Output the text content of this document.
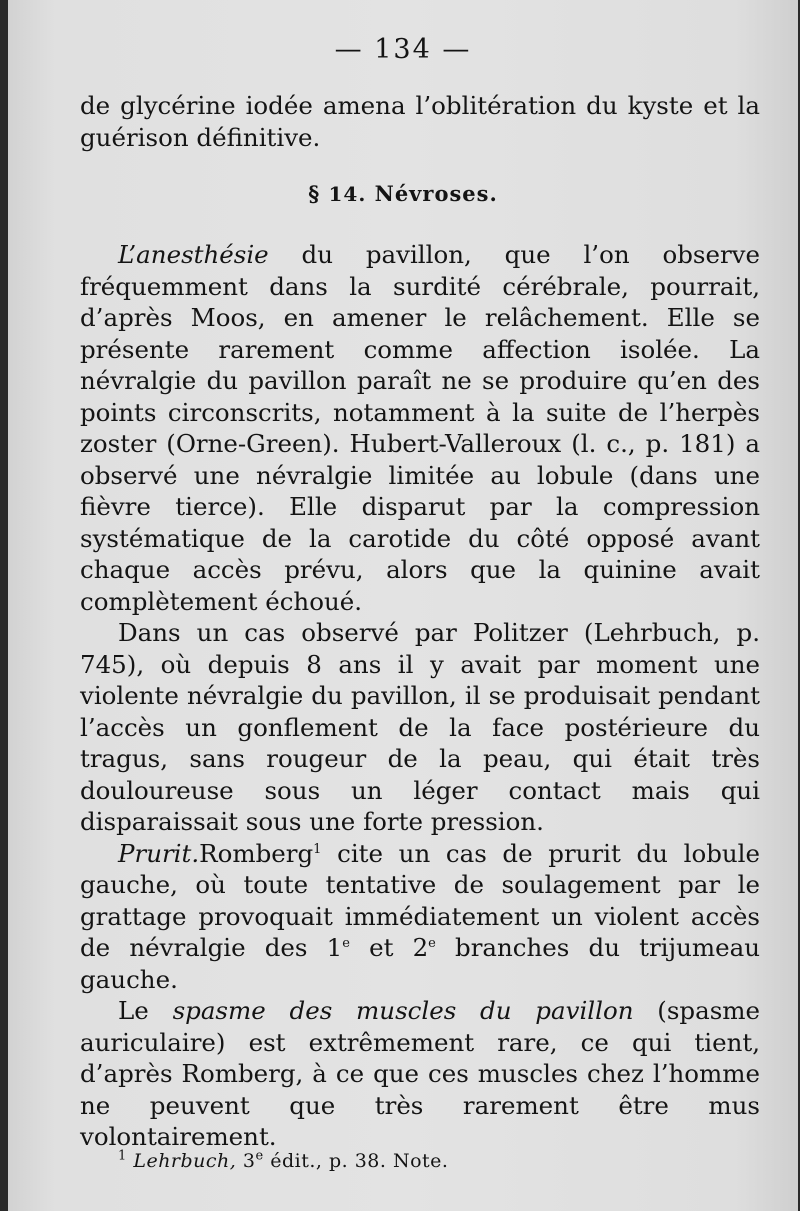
— 134 —

de glycérine iodée amena l’oblitération du kyste et la guérison définitive.

§ 14. Névroses.

L’anesthésie du pavillon, que l’on observe fréquemment dans la surdité cérébrale, pourrait, d’après Moos, en amener le relâchement. Elle se présente rarement comme affection isolée. La névralgie du pavillon paraît ne se produire qu’en des points circonscrits, notamment à la suite de l’herpès zoster (Orne-Green). Hubert-Valleroux (l. c., p. 181) a observé une névralgie limitée au lobule (dans une fièvre tierce). Elle disparut par la compression systématique de la carotide du côté opposé avant chaque accès prévu, alors que la quinine avait complètement échoué.

Dans un cas observé par Politzer (Lehrbuch, p. 745), où depuis 8 ans il y avait par moment une violente névralgie du pavillon, il se produisait pendant l’accès un gonflement de la face postérieure du tragus, sans rougeur de la peau, qui était très douloureuse sous un léger contact mais qui disparaissait sous une forte pression.

Prurit.Romberg$^1$ cite un cas de prurit du lobule gauche, où toute tentative de soulagement par le grattage provoquait immédiatement un violent accès de névralgie des 1e et 2e branches du trijumeau gauche.

Le spasme des muscles du pavillon (spasme auriculaire) est extrêmement rare, ce qui tient, d’après Romberg, à ce que ces muscles chez l’homme ne peuvent que très rarement être mus volontairement.

$^1$ Lehrbuch, 3e édit., p. 38. Note.
